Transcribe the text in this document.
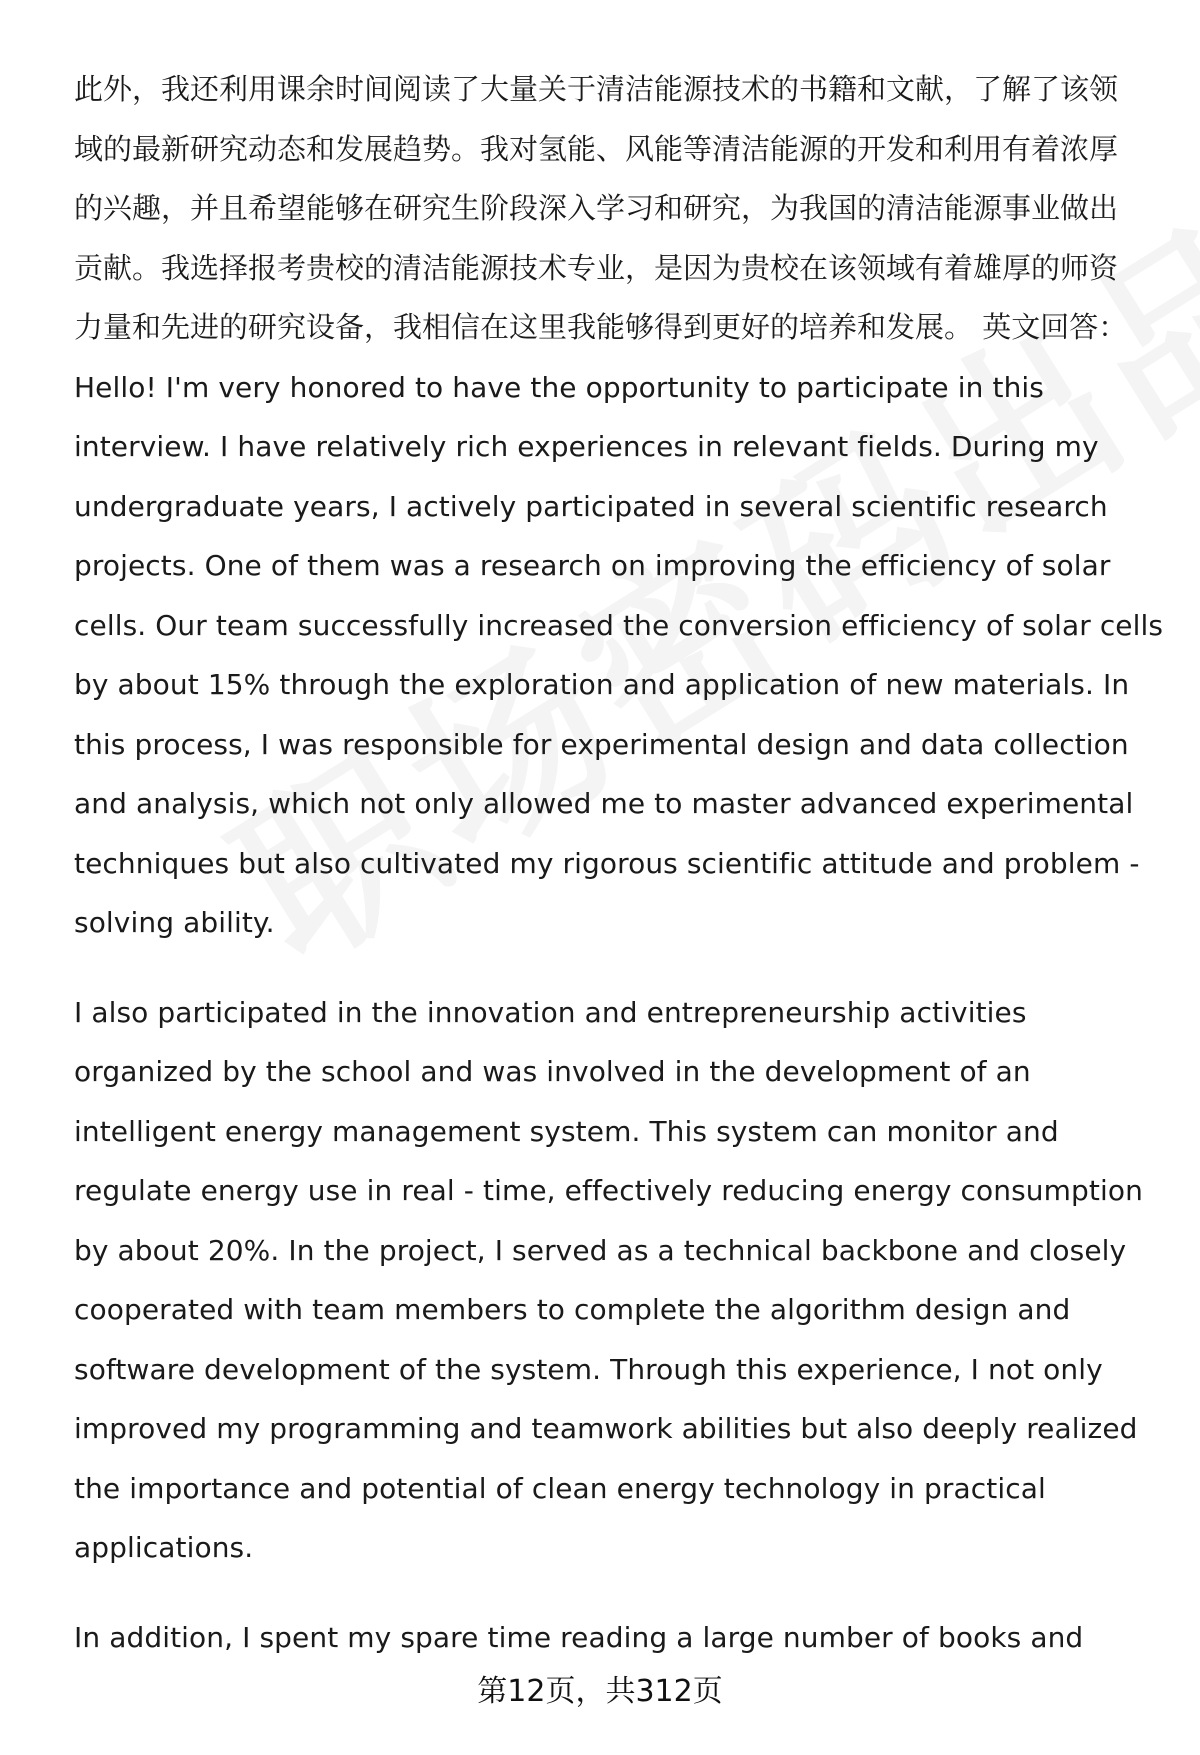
此外，我还利用课余时间阅读了大量关于清洁能源技术的书籍和文献，了解了该领
域的最新研究动态和发展趋势。我对氢能、风能等清洁能源的开发和利用有着浓厚
的兴趣，并且希望能够在研究生阶段深入学习和研究，为我国的清洁能源事业做出
贡献。我选择报考贵校的清洁能源技术专业，是因为贵校在该领域有着雄厚的师资
力量和先进的研究设备，我相信在这里我能够得到更好的培养和发展。 英文回答：
Hello! I'm very honored to have the opportunity to participate in this
interview. I have relatively rich experiences in relevant fields. During my
undergraduate years, I actively participated in several scientific research
projects. One of them was a research on improving the efficiency of solar
cells. Our team successfully increased the conversion efficiency of solar cells
by about 15% through the exploration and application of new materials. In
this process, I was responsible for experimental design and data collection
and analysis, which not only allowed me to master advanced experimental
techniques but also cultivated my rigorous scientific attitude and problem -
solving ability.
I also participated in the innovation and entrepreneurship activities
organized by the school and was involved in the development of an
intelligent energy management system. This system can monitor and
regulate energy use in real - time, effectively reducing energy consumption
by about 20%. In the project, I served as a technical backbone and closely
cooperated with team members to complete the algorithm design and
software development of the system. Through this experience, I not only
improved my programming and teamwork abilities but also deeply realized
the importance and potential of clean energy technology in practical
applications.
In addition, I spent my spare time reading a large number of books and
第12页，共312页
